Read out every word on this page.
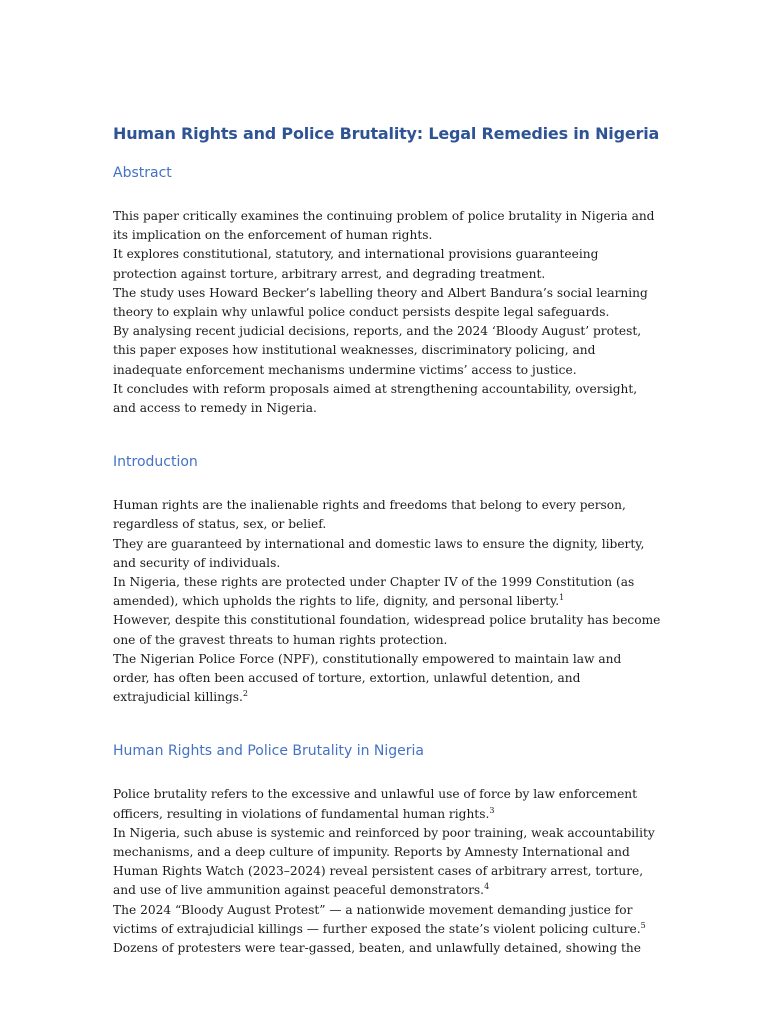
Human Rights and Police Brutality: Legal Remedies in Nigeria
Abstract

This paper critically examines the continuing problem of police brutality in Nigeria and its implication on the enforcement of human rights.
It explores constitutional, statutory, and international provisions guaranteeing protection against torture, arbitrary arrest, and degrading treatment.
The study uses Howard Becker’s labelling theory and Albert Bandura’s social learning theory to explain why unlawful police conduct persists despite legal safeguards.
By analysing recent judicial decisions, reports, and the 2024 ‘Bloody August’ protest, this paper exposes how institutional weaknesses, discriminatory policing, and inadequate enforcement mechanisms undermine victims’ access to justice.
It concludes with reform proposals aimed at strengthening accountability, oversight, and access to remedy in Nigeria.

Introduction

Human rights are the inalienable rights and freedoms that belong to every person, regardless of status, sex, or belief.
They are guaranteed by international and domestic laws to ensure the dignity, liberty, and security of individuals.
In Nigeria, these rights are protected under Chapter IV of the 1999 Constitution (as amended), which upholds the rights to life, dignity, and personal liberty.$^1$
However, despite this constitutional foundation, widespread police brutality has become one of the gravest threats to human rights protection.
The Nigerian Police Force (NPF), constitutionally empowered to maintain law and order, has often been accused of torture, extortion, unlawful detention, and extrajudicial killings.$^2$

Human Rights and Police Brutality in Nigeria

Police brutality refers to the excessive and unlawful use of force by law enforcement officers, resulting in violations of fundamental human rights.$^3$
In Nigeria, such abuse is systemic and reinforced by poor training, weak accountability mechanisms, and a deep culture of impunity. Reports by Amnesty International and Human Rights Watch (2023–2024) reveal persistent cases of arbitrary arrest, torture, and use of live ammunition against peaceful demonstrators.$^4$
The 2024 “Bloody August Protest” — a nationwide movement demanding justice for victims of extrajudicial killings — further exposed the state’s violent policing culture.$^5$
Dozens of protesters were tear-gassed, beaten, and unlawfully detained, showing the
